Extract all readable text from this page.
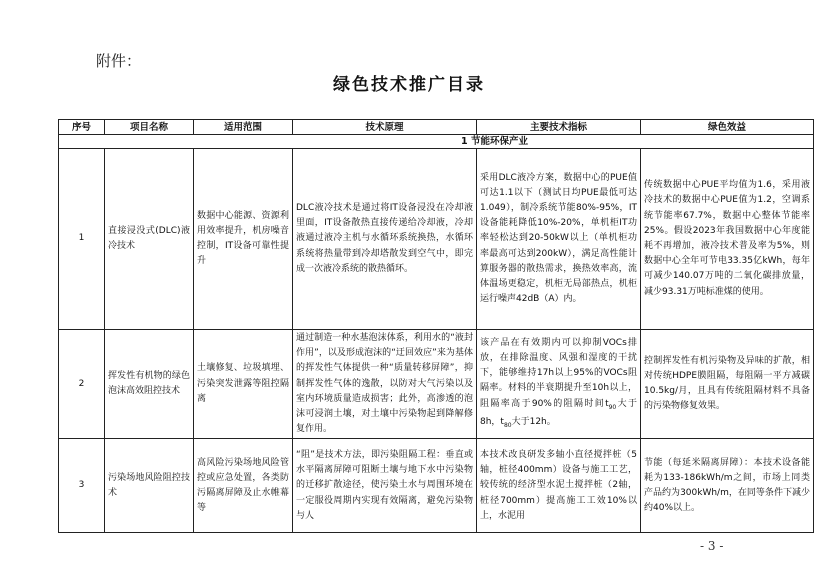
附件：
绿色技术推广目录
序号	项目名称	适用范围	技术原理	主要技术指标	绿色效益
1 节能环保产业					
1	直接浸没式(DLC)液冷技术	数据中心能源、资源利用效率提升，机房噪音控制，IT设备可靠性提升	DLC液冷技术是通过将IT设备浸没在冷却液里面，IT设备散热直接传递给冷却液，冷却液通过液冷主机与水循环系统换热，水循环系统将热量带到冷却塔散发到空气中，即完成一次液冷系统的散热循环。	采用DLC液冷方案，数据中心的PUE值可达1.1以下（测试日均PUE最低可达1.049），制冷系统节能80%-95%，IT设备能耗降低10%-20%，单机柜IT功率轻松达到20-50kW以上（单机柜功率最高可达到200kW），满足高性能计算服务器的散热需求，换热效率高，流体温场更稳定，机柜无局部热点，机柜运行噪声42dB（A）内。	传统数据中心PUE平均值为1.6，采用液冷技术的数据中心PUE值为1.2，空调系统节能率67.7%，数据中心整体节能率25%。假设2023年我国数据中心年度能耗不再增加，液冷技术普及率为5%，则数据中心全年可节电33.35亿kWh，每年可减少140.07万吨的二氧化碳排放量，减少93.31万吨标准煤的使用。
2	挥发性有机物的绿色泡沫高效阻控技术	土壤修复、垃圾填埋、污染突发泄露等阻控隔离	通过制造一种水基泡沫体系，利用水的“液封作用”，以及形成泡沫的“迂回效应”来为基体的挥发性气体提供一种“质量转移屏障”，抑制挥发性气体的逸散，以防对大气污染以及室内环境质量造成损害；此外，高渗透的泡沫可浸润土壤，对土壤中污染物起到降解修复作用。	该产品在有效期内可以抑制VOCs排放，在排除温度、风强和湿度的干扰下，能够维持17h以上95%的VOCs阻隔率。材料的半衰期提升至10h以上，阻隔率高于90%的阻隔时间$t_{90}$大于8h，$t_{80}$大于12h。	控制挥发性有机污染物及异味的扩散，相对传统HDPE膜阻隔，每阻隔一平方减碳10.5kg/月，且具有传统阻隔材料不具备的污染物修复效果。
3	污染场地风险阻控技术	高风险污染场地风险管控或应急处置，各类防污隔离屏障及止水帷幕等	“阻”是技术方法，即污染阻隔工程：垂直或水平隔离屏障可阻断土壤与地下水中污染物的迁移扩散途径，使污染土水与周围环境在一定服役周期内实现有效隔离，避免污染物与人	本技术改良研发多轴小直径搅拌桩（5轴，桩径400mm）设备与施工工艺，较传统的经济型水泥土搅拌桩（2轴，桩径700mm）提高施工工效10%以上，水泥用	节能（每延米隔离屏障）：本技术设备能耗为133-186kWh/m之间，市场上同类产品约为300kWh/m，在同等条件下减少约40%以上。
- 3 -
